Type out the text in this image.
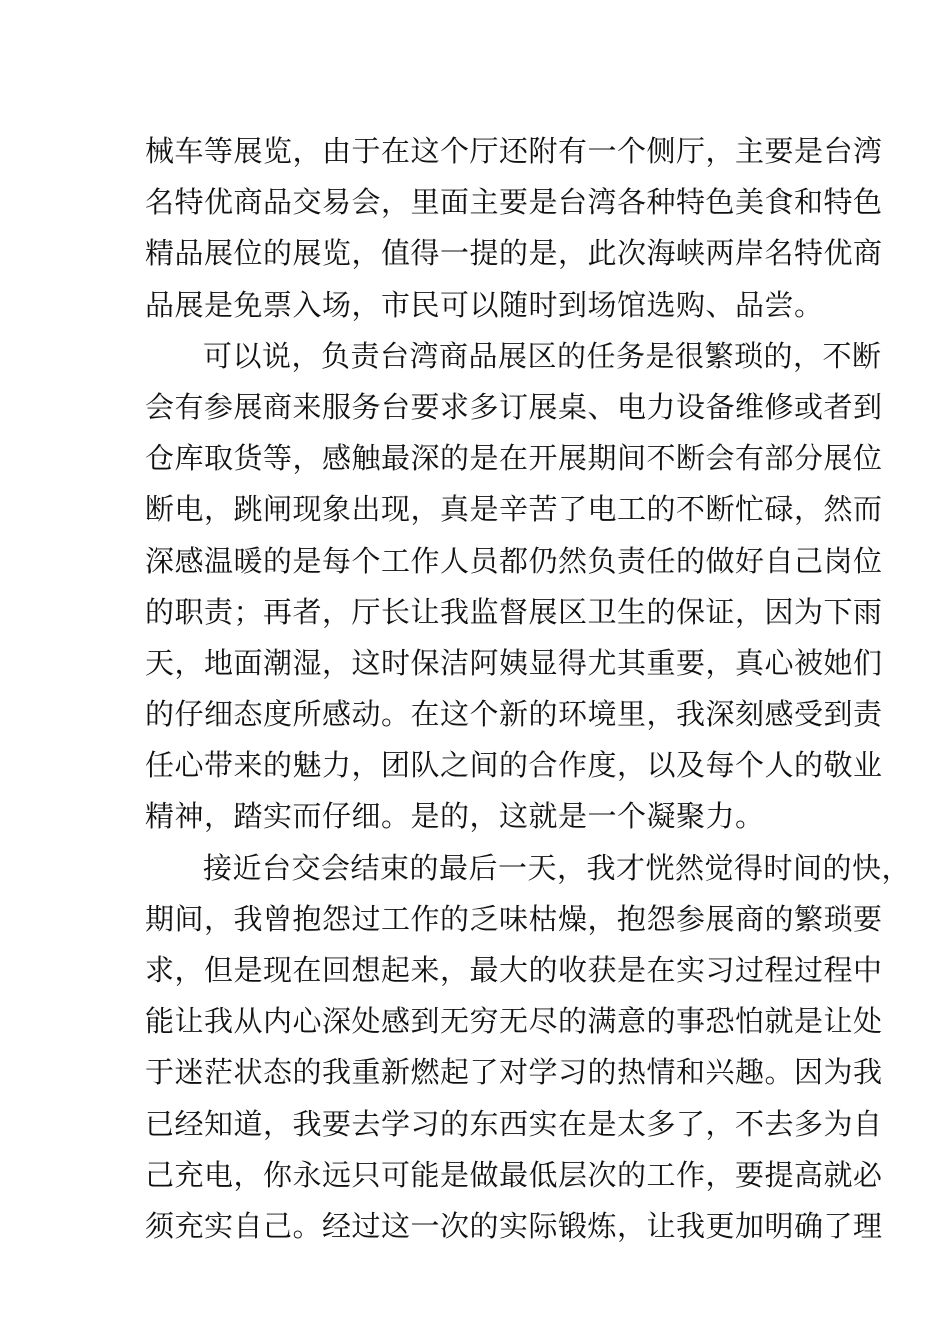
械车等展览，由于在这个厅还附有一个侧厅，主要是台湾
名特优商品交易会，里面主要是台湾各种特色美食和特色
精品展位的展览，值得一提的是，此次海峡两岸名特优商
品展是免票入场，市民可以随时到场馆选购、品尝。
可以说，负责台湾商品展区的任务是很繁琐的，不断
会有参展商来服务台要求多订展桌、电力设备维修或者到
仓库取货等，感触最深的是在开展期间不断会有部分展位
断电，跳闸现象出现，真是辛苦了电工的不断忙碌，然而
深感温暖的是每个工作人员都仍然负责任的做好自己岗位
的职责；再者，厅长让我监督展区卫生的保证，因为下雨
天，地面潮湿，这时保洁阿姨显得尤其重要，真心被她们
的仔细态度所感动。在这个新的环境里，我深刻感受到责
任心带来的魅力，团队之间的合作度，以及每个人的敬业
精神，踏实而仔细。是的，这就是一个凝聚力。
接近台交会结束的最后一天，我才恍然觉得时间的快，
期间，我曾抱怨过工作的乏味枯燥，抱怨参展商的繁琐要
求，但是现在回想起来，最大的收获是在实习过程过程中
能让我从内心深处感到无穷无尽的满意的事恐怕就是让处
于迷茫状态的我重新燃起了对学习的热情和兴趣。因为我
已经知道，我要去学习的东西实在是太多了，不去多为自
己充电，你永远只可能是做最低层次的工作，要提高就必
须充实自己。经过这一次的实际锻炼，让我更加明确了理
